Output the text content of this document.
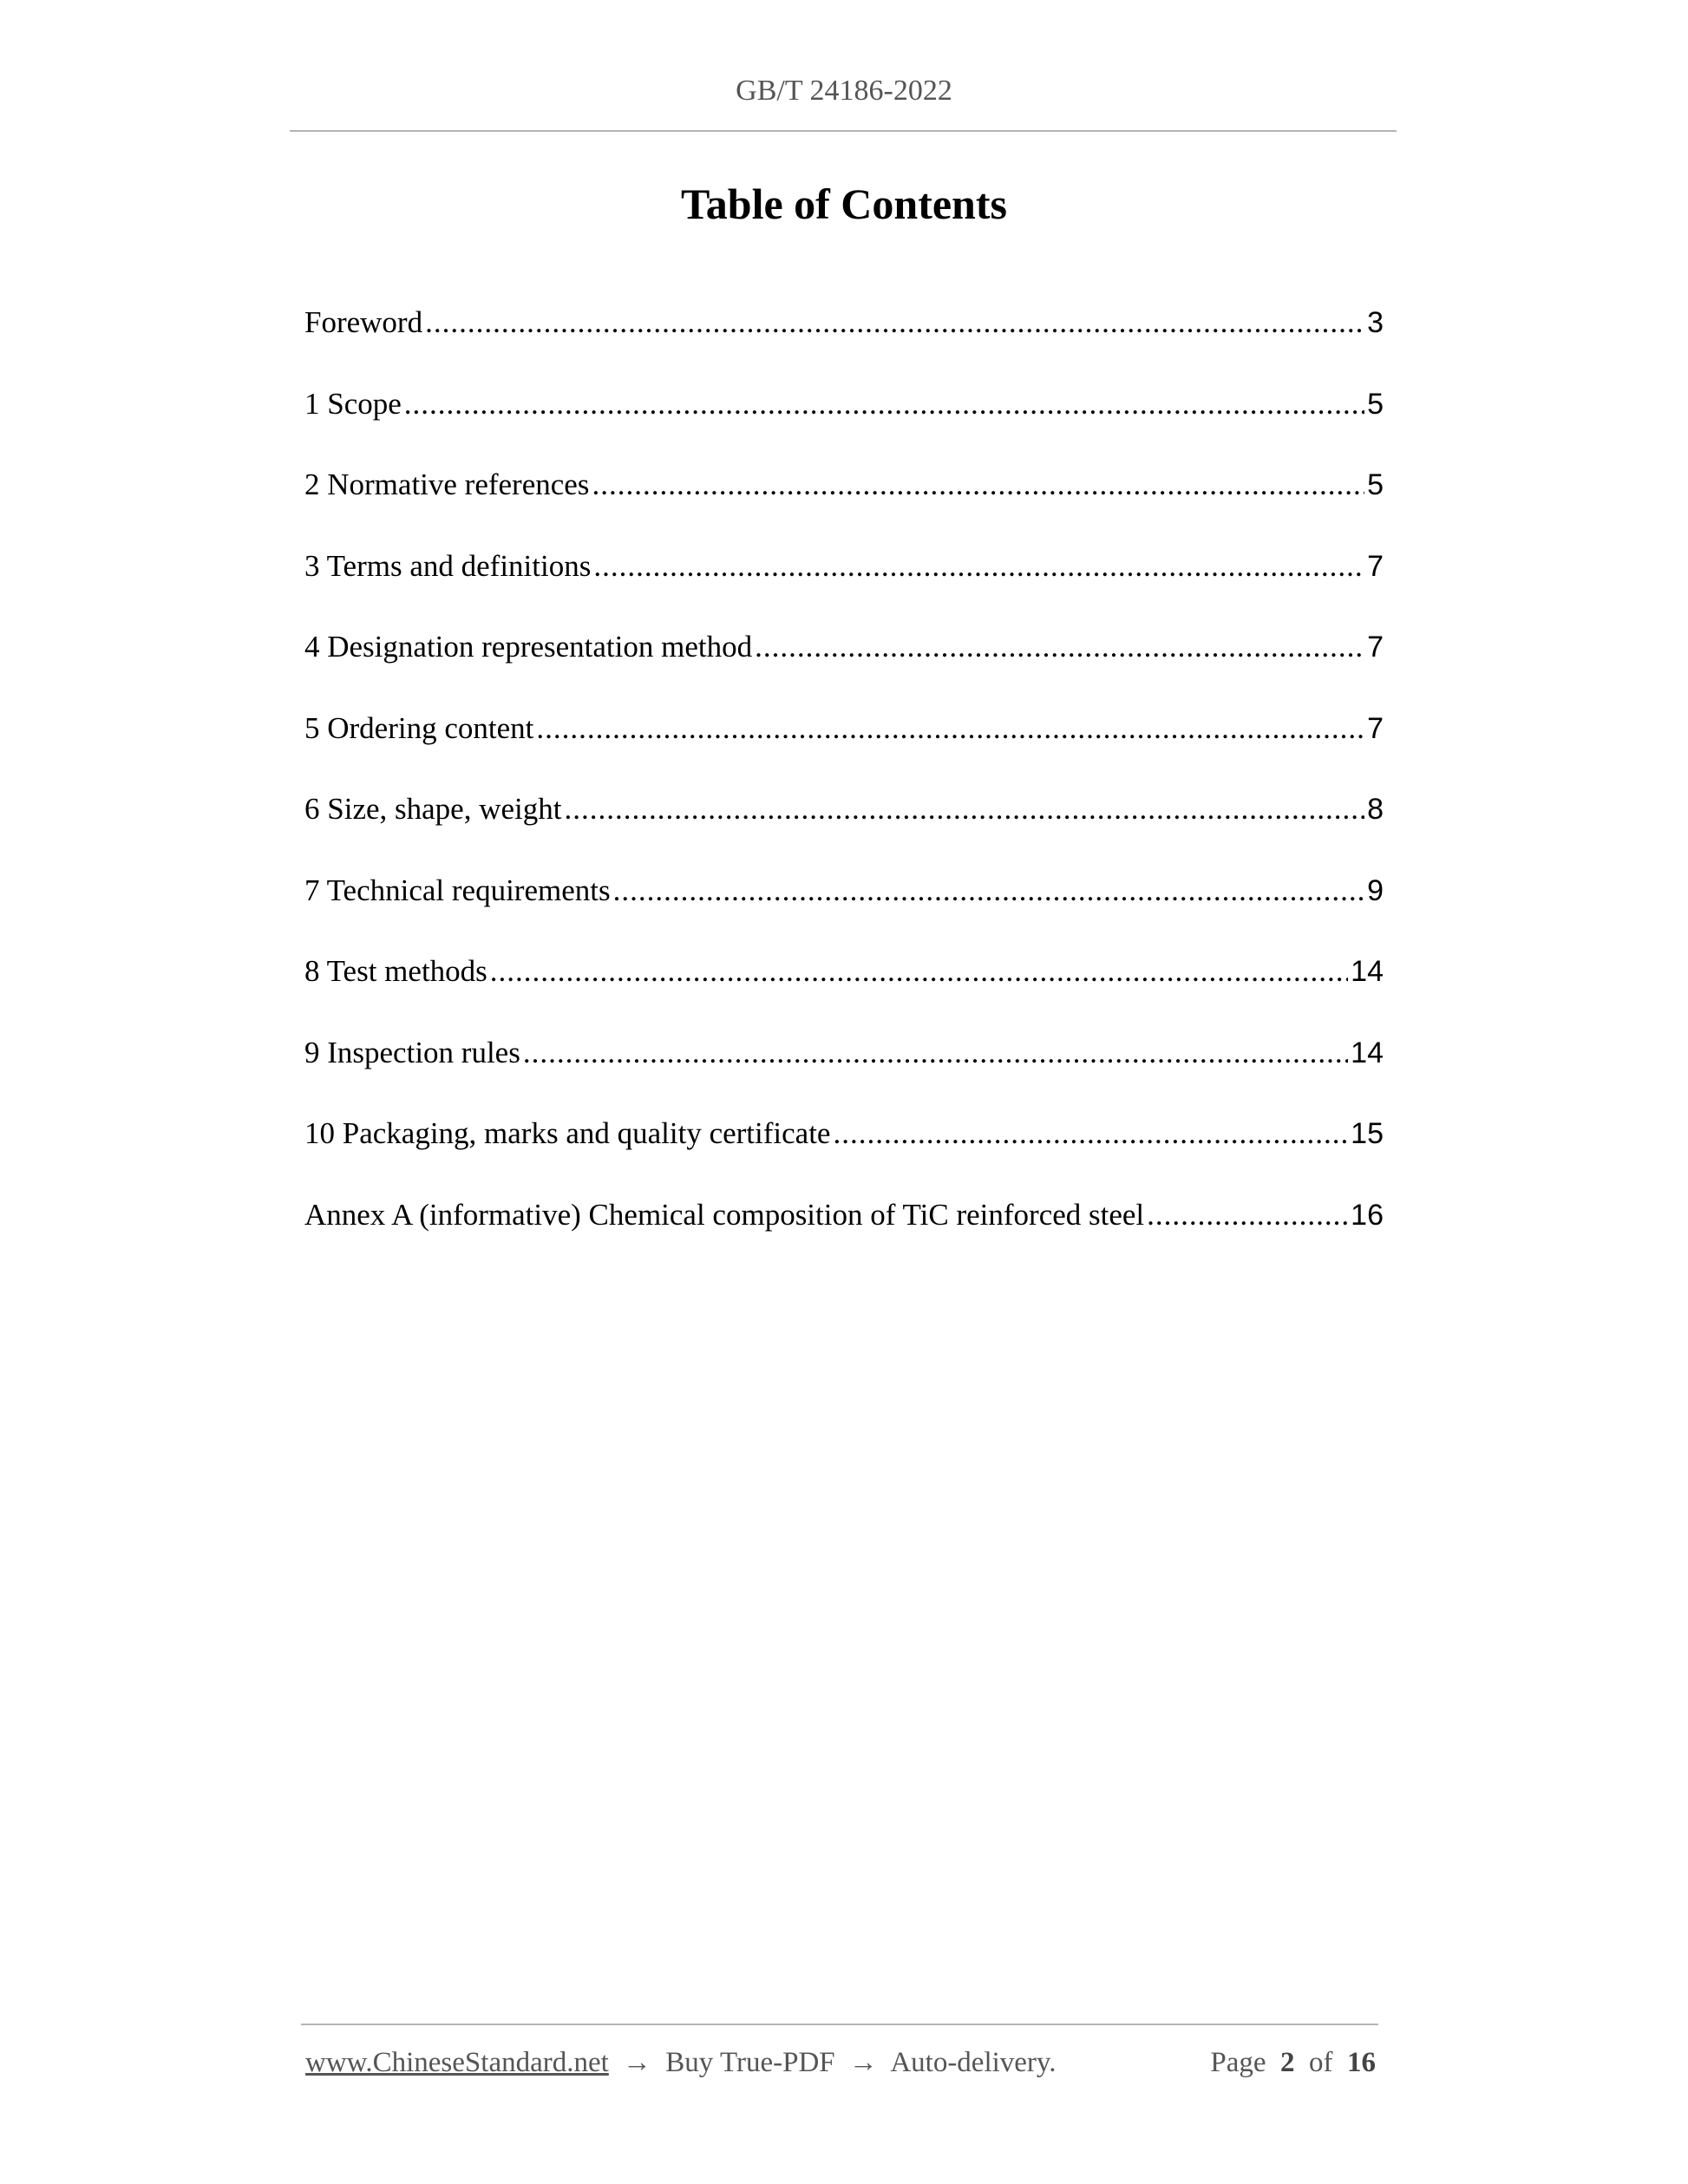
GB/T 24186-2022
Table of Contents
Foreword .....	3
1 Scope .....	5
2 Normative references .....	5
3 Terms and definitions .....	7
4 Designation representation method .....	7
5 Ordering content .....	7
6 Size, shape, weight .....	8
7 Technical requirements .....	9
8 Test methods .....	14
9 Inspection rules .....	14
10 Packaging, marks and quality certificate .....	15
Annex A (informative) Chemical composition of TiC reinforced steel .....	16
www.ChineseStandard.net → Buy True-PDF → Auto-delivery.	Page 2 of 16
